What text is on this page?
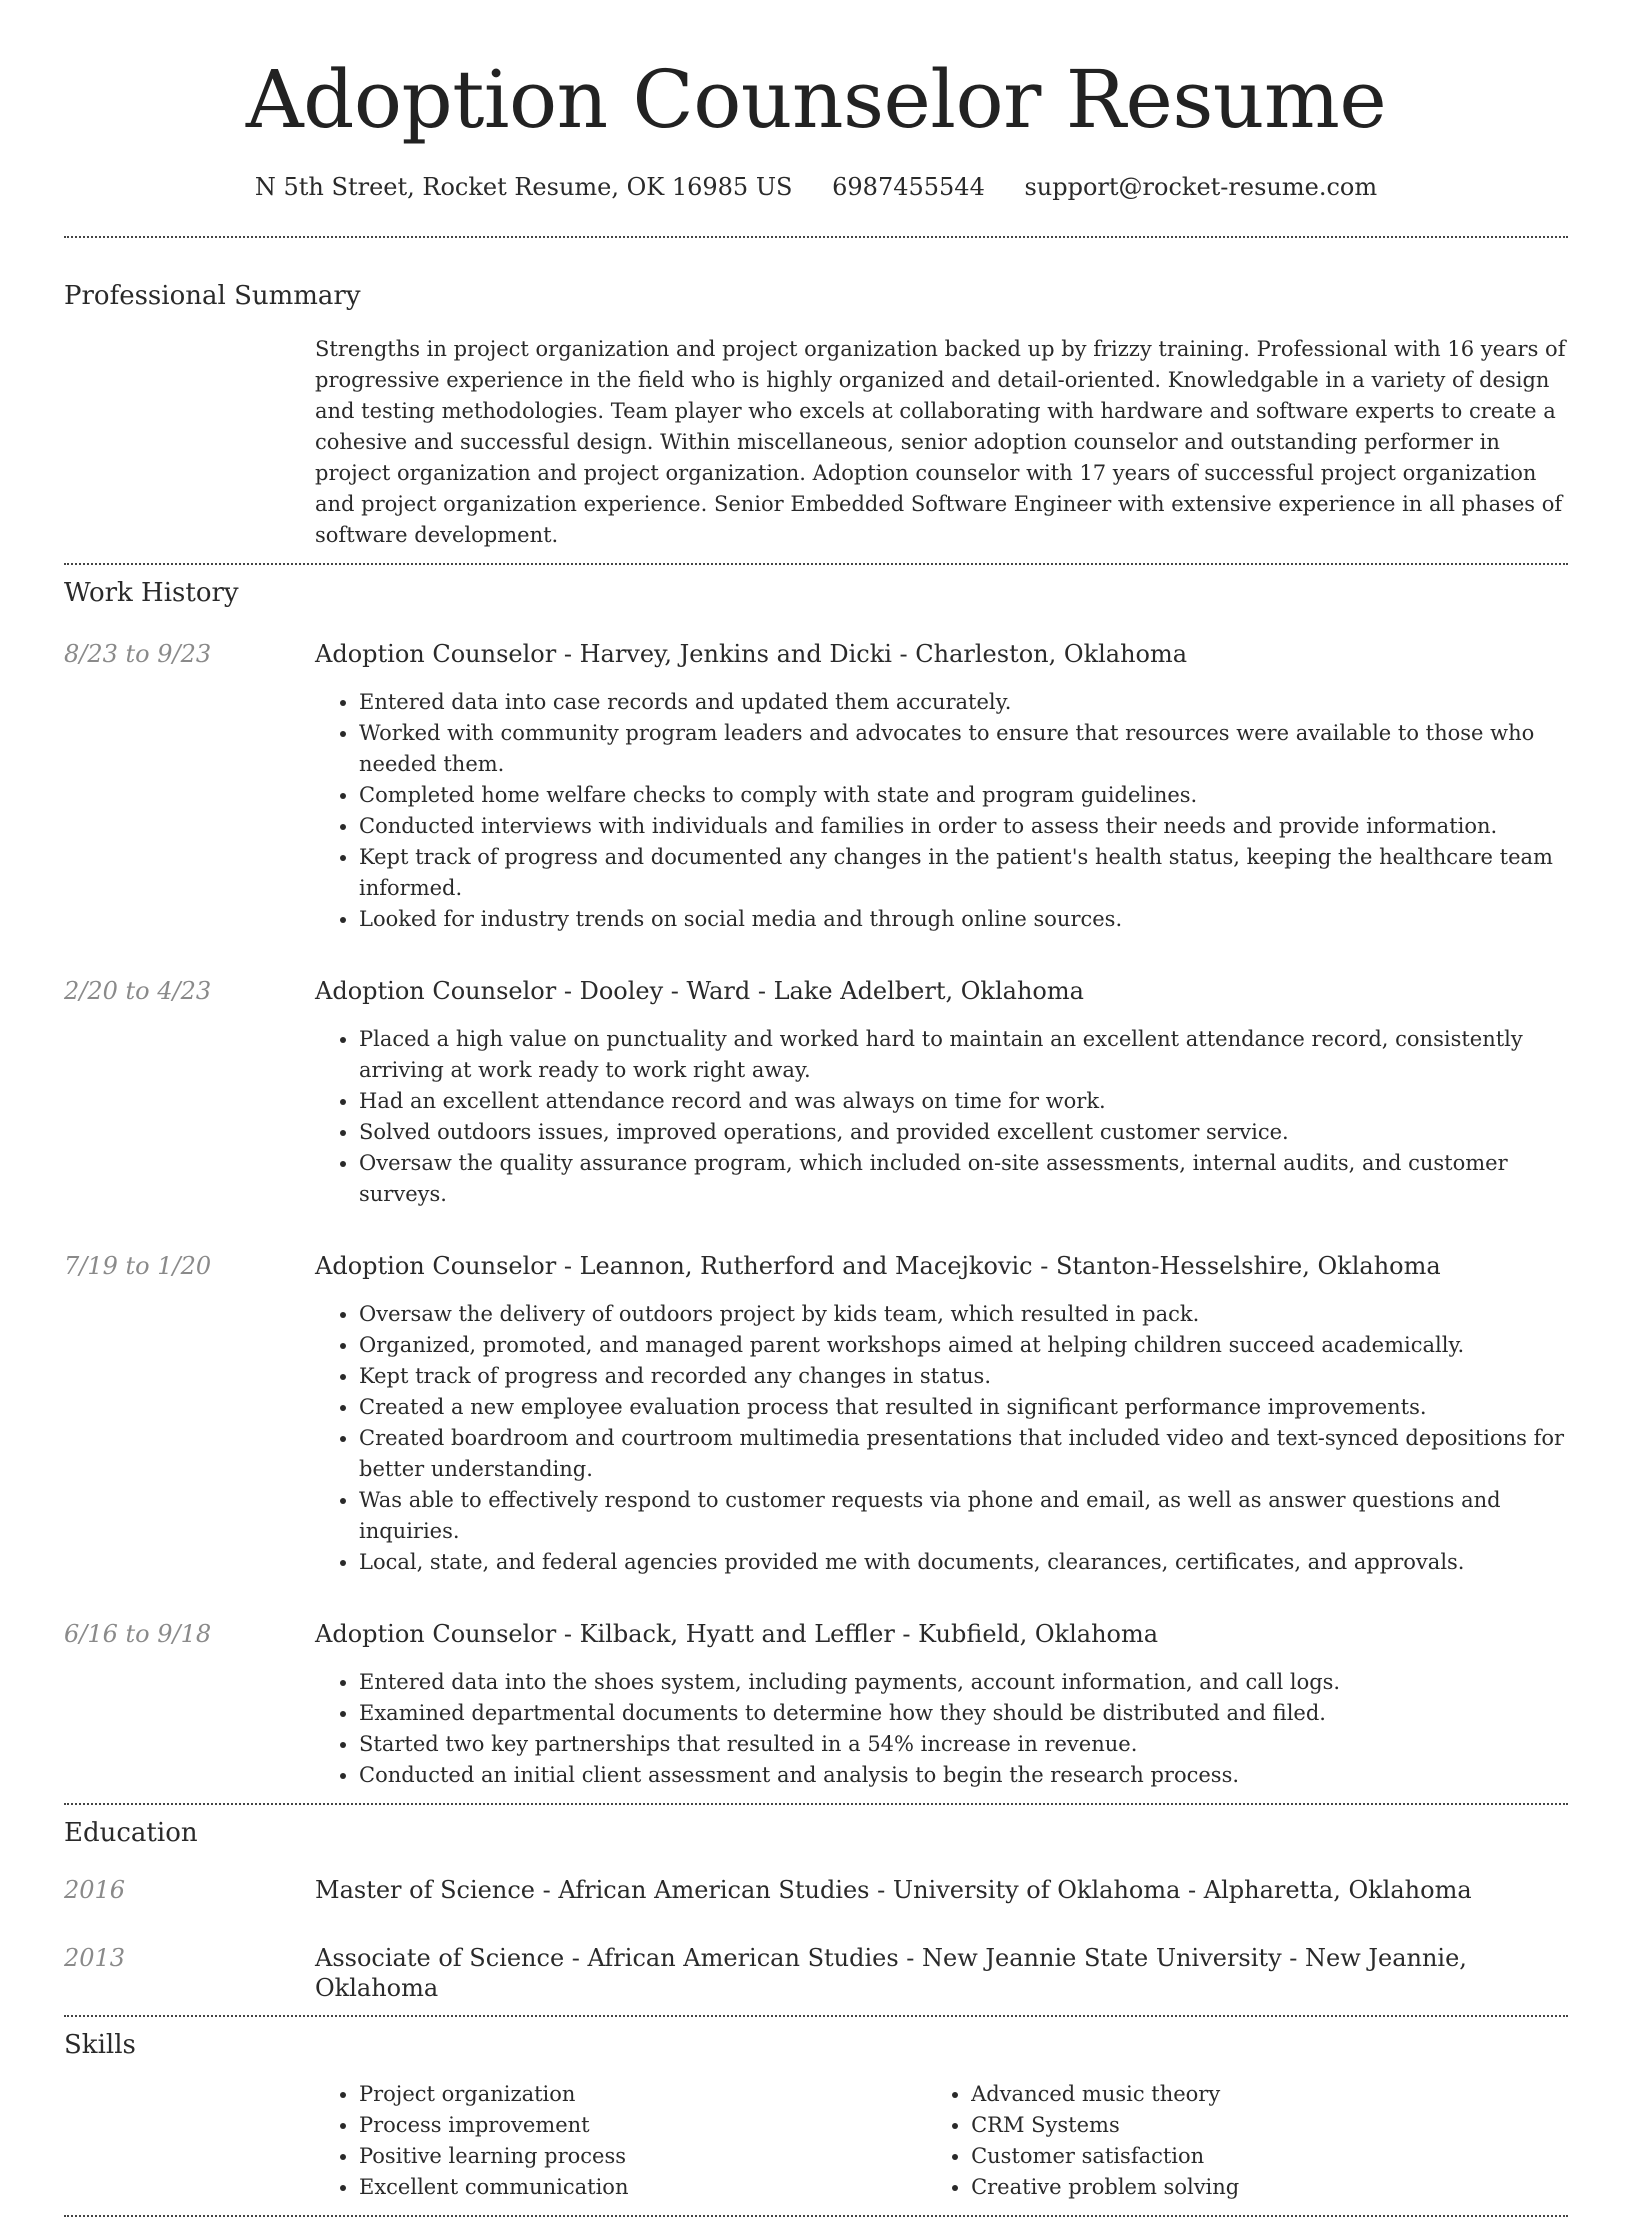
Adoption Counselor Resume
N 5th Street, Rocket Resume, OK 16985 US 6987455544 support@rocket-resume.com
Professional Summary
Strengths in project organization and project organization backed up by frizzy training. Professional with 16 years of progressive experience in the field who is highly organized and detail-oriented. Knowledgable in a variety of design and testing methodologies. Team player who excels at collaborating with hardware and software experts to create a cohesive and successful design. Within miscellaneous, senior adoption counselor and outstanding performer in project organization and project organization. Adoption counselor with 17 years of successful project organization and project organization experience. Senior Embedded Software Engineer with extensive experience in all phases of software development.
Work History
8/23 to 9/23	Adoption Counselor - Harvey, Jenkins and Dicki - Charleston, Oklahoma
• Entered data into case records and updated them accurately.
• Worked with community program leaders and advocates to ensure that resources were available to those who needed them.
• Completed home welfare checks to comply with state and program guidelines.
• Conducted interviews with individuals and families in order to assess their needs and provide information.
• Kept track of progress and documented any changes in the patient's health status, keeping the healthcare team informed.
• Looked for industry trends on social media and through online sources.
2/20 to 4/23	Adoption Counselor - Dooley - Ward - Lake Adelbert, Oklahoma
• Placed a high value on punctuality and worked hard to maintain an excellent attendance record, consistently arriving at work ready to work right away.
• Had an excellent attendance record and was always on time for work.
• Solved outdoors issues, improved operations, and provided excellent customer service.
• Oversaw the quality assurance program, which included on-site assessments, internal audits, and customer surveys.
7/19 to 1/20	Adoption Counselor - Leannon, Rutherford and Macejkovic - Stanton-Hesselshire, Oklahoma
• Oversaw the delivery of outdoors project by kids team, which resulted in pack.
• Organized, promoted, and managed parent workshops aimed at helping children succeed academically.
• Kept track of progress and recorded any changes in status.
• Created a new employee evaluation process that resulted in significant performance improvements.
• Created boardroom and courtroom multimedia presentations that included video and text-synced depositions for better understanding.
• Was able to effectively respond to customer requests via phone and email, as well as answer questions and inquiries.
• Local, state, and federal agencies provided me with documents, clearances, certificates, and approvals.
6/16 to 9/18	Adoption Counselor - Kilback, Hyatt and Leffler - Kubfield, Oklahoma
• Entered data into the shoes system, including payments, account information, and call logs.
• Examined departmental documents to determine how they should be distributed and filed.
• Started two key partnerships that resulted in a 54% increase in revenue.
• Conducted an initial client assessment and analysis to begin the research process.
Education
2016	Master of Science - African American Studies - University of Oklahoma - Alpharetta, Oklahoma
2013	Associate of Science - African American Studies - New Jeannie State University - New Jeannie, Oklahoma
Skills
• Project organization
• Process improvement
• Positive learning process
• Excellent communication
• Advanced music theory
• CRM Systems
• Customer satisfaction
• Creative problem solving
